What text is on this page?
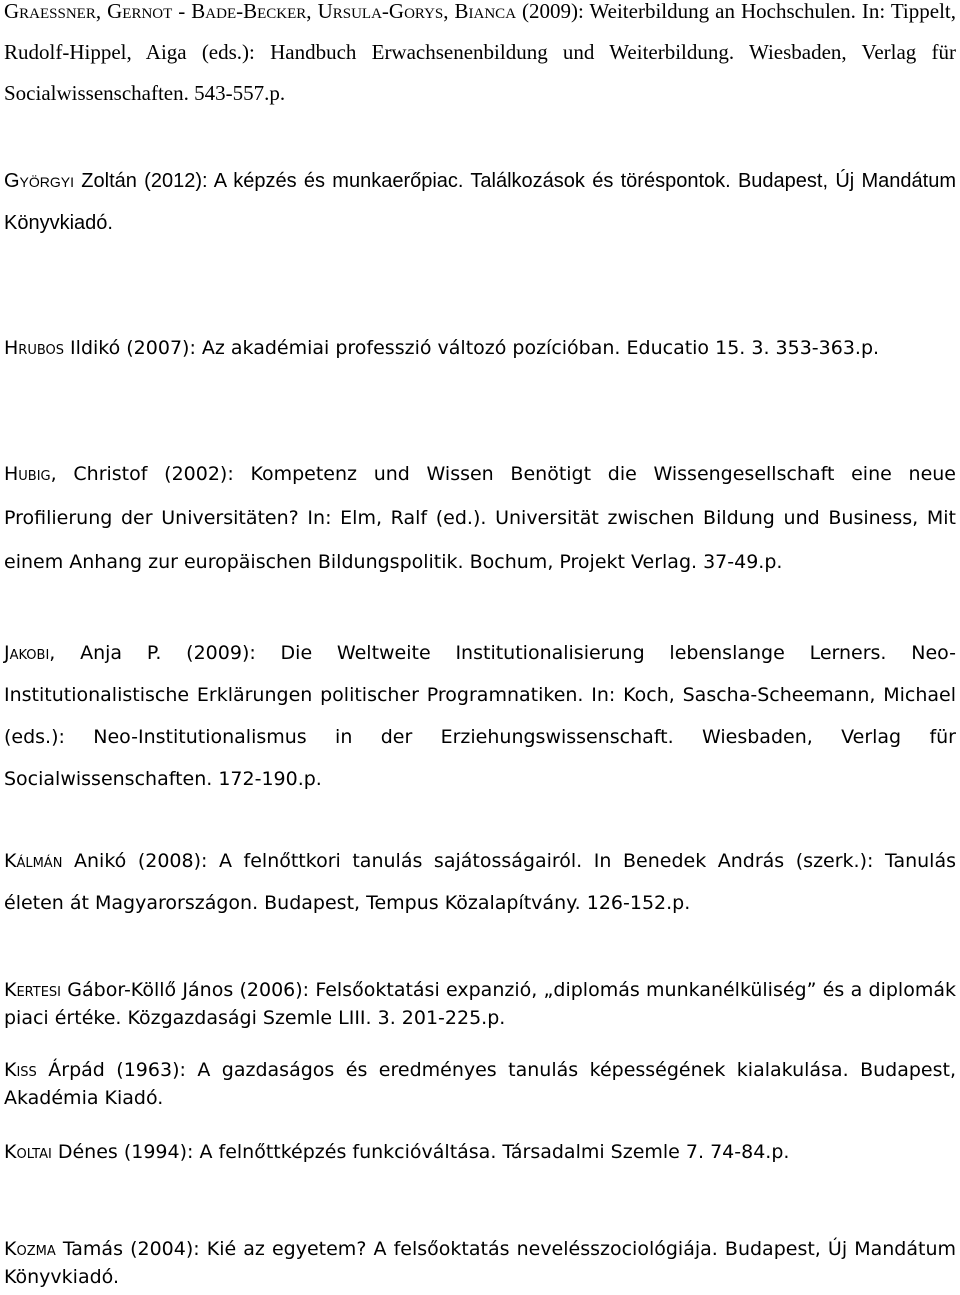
Graessner, Gernot - Bade-Becker, Ursula-Gorys, Bianca (2009): Weiterbildung an Hochschulen. In: Tippelt, Rudolf-Hippel, Aiga (eds.): Handbuch Erwachsenenbildung und Weiterbildung. Wiesbaden, Verlag für Socialwissenschaften. 543-557.p.

Györgyi Zoltán (2012): A képzés és munkaerőpiac. Találkozások és töréspontok. Budapest, Új Mandátum Könyvkiadó.

Hrubos Ildikó (2007): Az akadémiai professzió változó pozícióban. Educatio 15. 3. 353-363.p.

Hubig, Christof (2002): Kompetenz und Wissen Benötigt die Wissengesellschaft eine neue Profilierung der Universitäten? In: Elm, Ralf (ed.). Universität zwischen Bildung und Business, Mit einem Anhang zur europäischen Bildungspolitik. Bochum, Projekt Verlag. 37-49.p.

Jakobi, Anja P. (2009): Die Weltweite Institutionalisierung lebenslange Lerners. Neo-Institutionalistische Erklärungen politischer Programnatiken. In: Koch, Sascha-Scheemann, Michael (eds.): Neo-Institutionalismus in der Erziehungswissenschaft. Wiesbaden, Verlag für Socialwissenschaften. 172-190.p.

Kálmán Anikó (2008): A felnőttkori tanulás sajátosságairól. In Benedek András (szerk.): Tanulás életen át Magyarországon. Budapest, Tempus Közalapítvány. 126-152.p.

Kertesi Gábor-Köllő János (2006): Felsőoktatási expanzió, „diplomás munkanélküliség” és a diplomák piaci értéke. Közgazdasági Szemle LIII. 3. 201-225.p.

Kiss Árpád (1963): A gazdaságos és eredményes tanulás képességének kialakulása. Budapest, Akadémia Kiadó.

Koltai Dénes (1994): A felnőttképzés funkcióváltása. Társadalmi Szemle 7. 74-84.p.

Kozma Tamás (2004): Kié az egyetem? A felsőoktatás nevelésszociológiája. Budapest, Új Mandátum Könyvkiadó.
